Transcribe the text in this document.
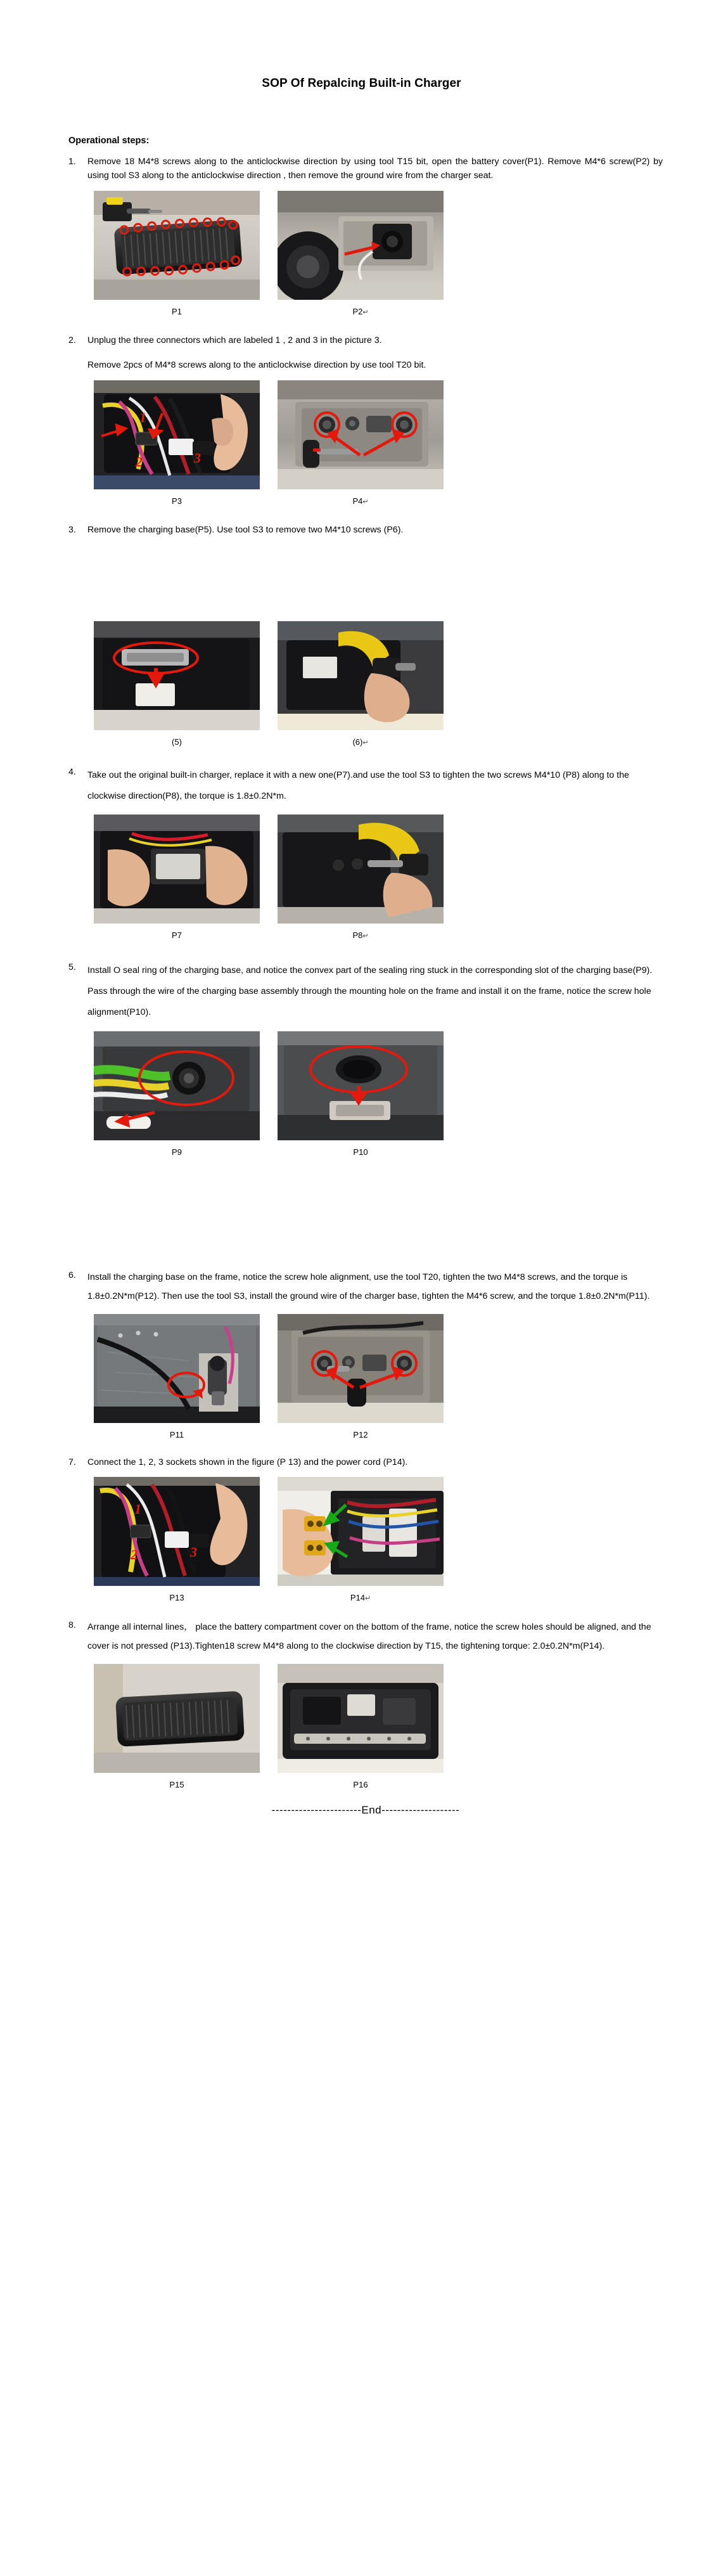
SOP Of Repalcing Built-in Charger
Operational steps:
1.	Remove 18 M4*8 screws along to the anticlockwise direction by using tool T15 bit, open the battery cover(P1). Remove M4*6 screw(P2) by using tool S3 along to the anticlockwise direction , then remove the ground wire from the charger seat.

P1	P2↵
2.	Unplug the three connectors which are labeled 1 , 2 and 3 in the picture 3.

Remove 2pcs of M4*8 screws along to the anticlockwise direction by use tool T20 bit.

1
2	3
P3	P4↵
3.	Remove the charging base(P5). Use tool S3 to remove two M4*10 screws (P6).

(5)	(6)↵
4.	Take out the original built-in charger, replace it with a new one(P7).and use the tool S3 to tighten the two screws M4*10 (P8) along to the clockwise direction(P8), the torque is 1.8±0.2N*m.

P7	P8↵
5.	Install O seal ring of the charging base, and notice the convex part of the sealing ring stuck in the corresponding slot of the charging base(P9). Pass through the wire of the charging base assembly through the mounting hole on the frame and install it on the frame, notice the screw hole alignment(P10).

P9	P10
6.	Install the charging base on the frame, notice the screw hole alignment, use the tool T20, tighten the two M4*8 screws, and the torque is 1.8±0.2N*m(P12). Then use the tool S3, install the ground wire of the charger base, tighten the M4*6 screw, and the torque 1.8±0.2N*m(P11).

P11	P12
7.	Connect the 1, 2, 3 sockets shown in the figure (P 13) and the power cord (P14).

1
2	3
P13	P14↵
8.	Arrange all internal lines， place the battery compartment cover on the bottom of the frame, notice the screw holes should be aligned, and the cover is not pressed (P13).Tighten18 screw M4*8 along to the clockwise direction by T15, the tightening torque: 2.0±0.2N*m(P14).

P15	P16
-----------------------End--------------------
